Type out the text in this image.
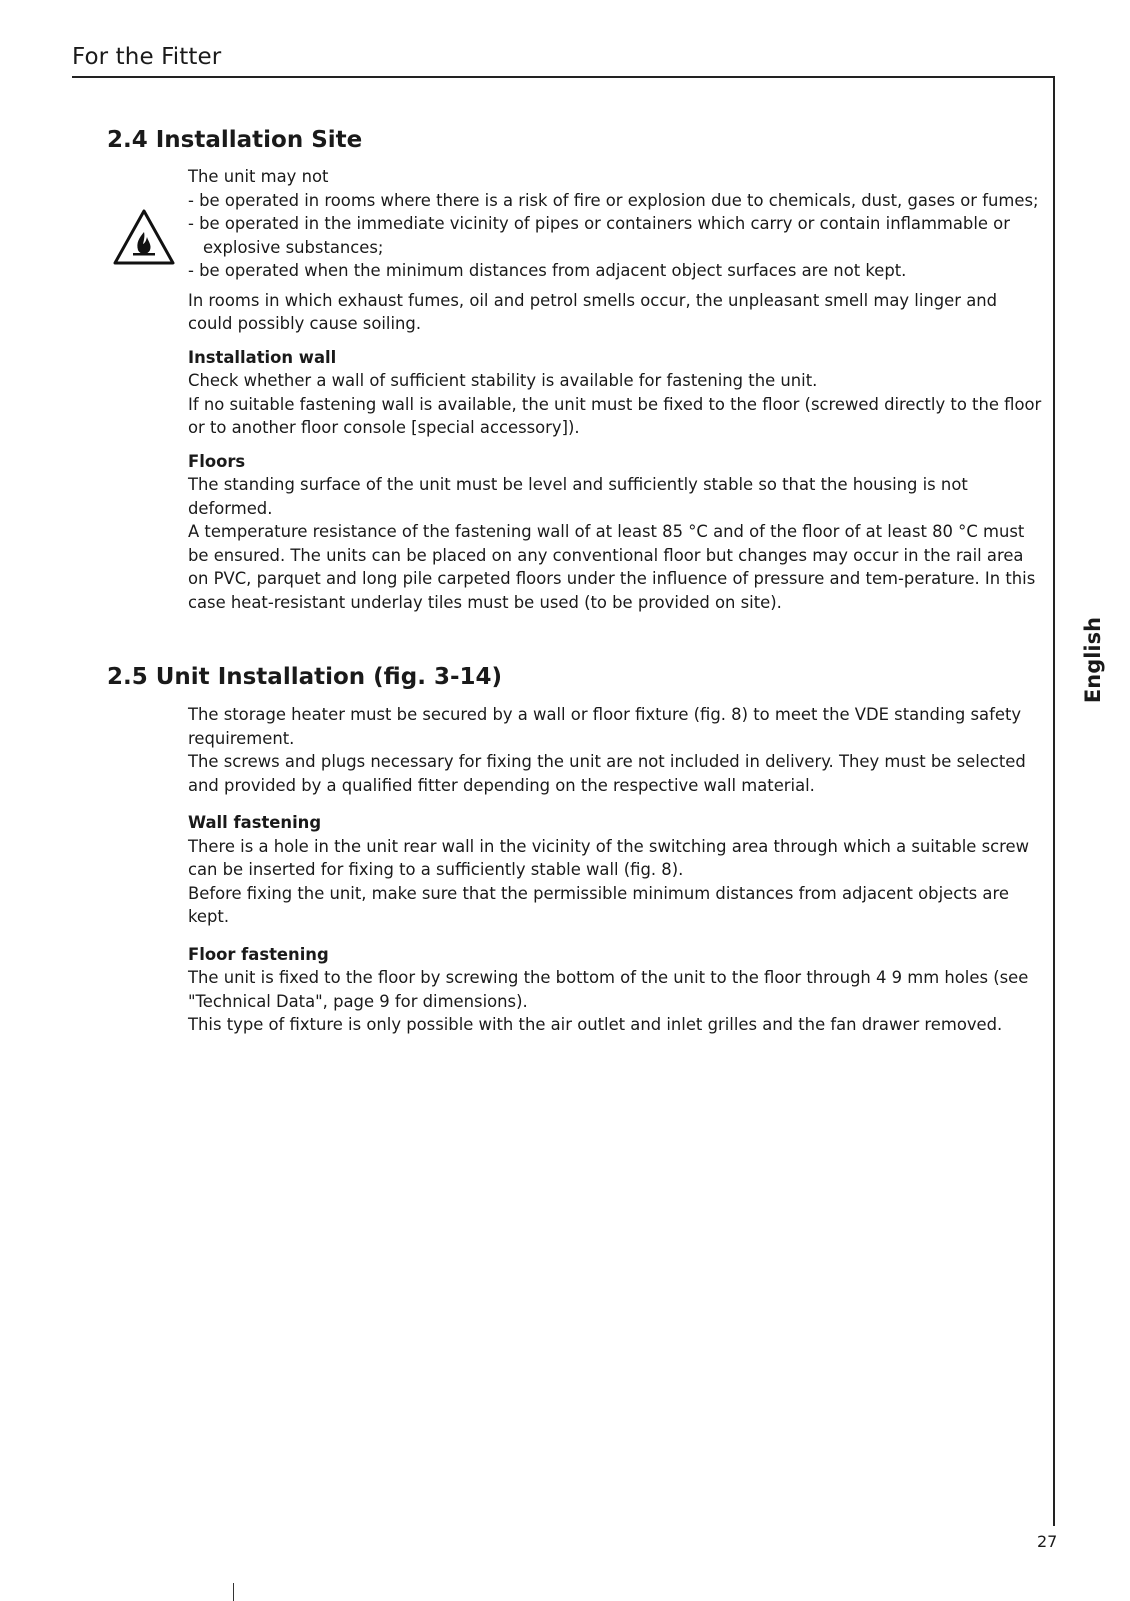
For the Fitter
2.4 Installation Site

The unit may not

- be operated in rooms where there is a risk of fire or explosion due to chemicals, dust, gases or fumes;

- be operated in the immediate vicinity of pipes or containers which carry or contain inflammable or explosive substances;

- be operated when the minimum distances from adjacent object surfaces are not kept.

In rooms in which exhaust fumes, oil and petrol smells occur, the unpleasant smell may linger and could possibly cause soiling.

Installation wall

Check whether a wall of sufficient stability is available for fastening the unit.

If no suitable fastening wall is available, the unit must be fixed to the floor (screwed directly to the floor or to another floor console [special accessory]).

Floors

The standing surface of the unit must be level and sufficiently stable so that the housing is not deformed.

A temperature resistance of the fastening wall of at least 85 °C and of the floor of at least 80 °C must be ensured. The units can be placed on any conventional floor but changes may occur in the rail area on PVC, parquet and long pile carpeted floors under the influence of pressure and tem-perature. In this case heat-resistant underlay tiles must be used (to be provided on site).

2.5 Unit Installation (fig. 3-14)

The storage heater must be secured by a wall or floor fixture (fig. 8) to meet the VDE standing safety requirement.

The screws and plugs necessary for fixing the unit are not included in delivery. They must be selected and provided by a qualified fitter depending on the respective wall material.

Wall fastening

There is a hole in the unit rear wall in the vicinity of the switching area through which a suitable screw can be inserted for fixing to a sufficiently stable wall (fig. 8).

Before fixing the unit, make sure that the permissible minimum distances from adjacent objects are kept.

Floor fastening

The unit is fixed to the floor by screwing the bottom of the unit to the floor through 4 9 mm holes (see "Technical Data", page 9 for dimensions).

This type of fixture is only possible with the air outlet and inlet grilles and the fan drawer removed.

English
27
